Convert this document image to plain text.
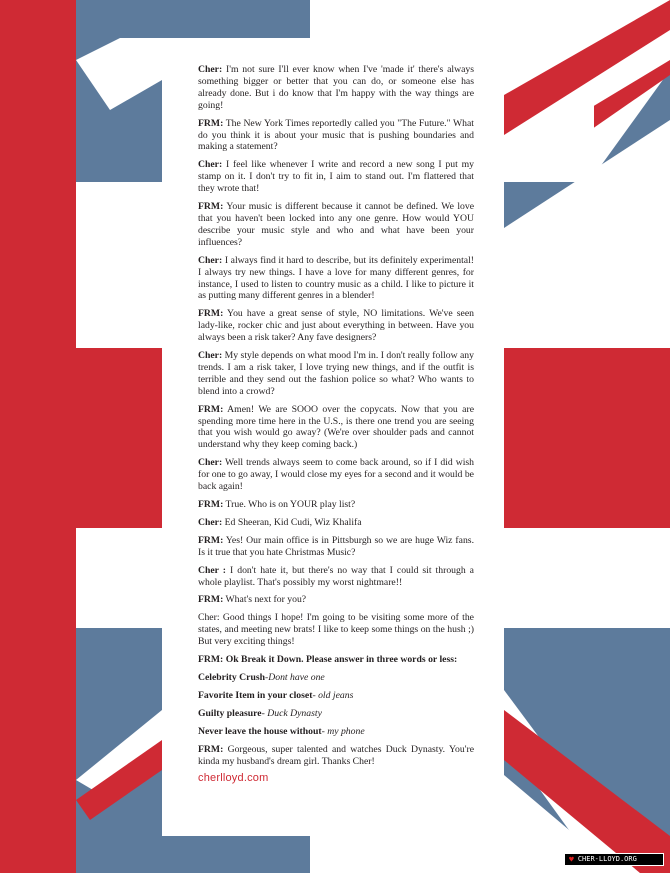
Cher: I'm not sure I'll ever know when I've 'made it' there's always something bigger or better that you can do, or someone else has already done. But i do know that I'm happy with the way things are going!

FRM: The New York Times reportedly called you "The Future." What do you think it is about your music that is pushing boundaries and making a statement?

Cher: I feel like whenever I write and record a new song I put my stamp on it. I don't try to fit in, I aim to stand out. I'm flattered that they wrote that!

FRM: Your music is different because it cannot be defined. We love that you haven't been locked into any one genre. How would YOU describe your music style and who and what have been your influences?

Cher: I always find it hard to describe, but its definitely experimental! I always try new things. I have a love for many different genres, for instance, I used to listen to country music as a child. I like to picture it as putting many different genres in a blender!

FRM: You have a great sense of style, NO limitations. We've seen lady-like, rocker chic and just about everything in between. Have you always been a risk taker? Any fave designers?

Cher: My style depends on what mood I'm in. I don't really follow any trends. I am a risk taker, I love trying new things, and if the outfit is terrible and they send out the fashion police so what? Who wants to blend into a crowd?

FRM: Amen! We are SOOO over the copycats. Now that you are spending more time here in the U.S., is there one trend you are seeing that you wish would go away? (We're over shoulder pads and cannot understand why they keep coming back.)

Cher: Well trends always seem to come back around, so if I did wish for one to go away, I would close my eyes for a second and it would be back again!

FRM: True. Who is on YOUR play list?

Cher: Ed Sheeran, Kid Cudi, Wiz Khalifa

FRM: Yes! Our main office is in Pittsburgh so we are huge Wiz fans. Is it true that you hate Christmas Music?

Cher : I don't hate it, but there's no way that I could sit through a whole playlist. That's possibly my worst nightmare!!

FRM: What's next for you?

Cher: Good things I hope! I'm going to be visiting some more of the states, and meeting new brats! I like to keep some things on the hush ;) But very exciting things!

FRM: Ok Break it Down. Please answer in three words or less:

Celebrity Crush-Dont have one

Favorite Item in your closet- old jeans

Guilty pleasure- Duck Dynasty

Never leave the house without- my phone

FRM: Gorgeous, super talented and watches Duck Dynasty. You're kinda my husband's dream girl. Thanks Cher!

cherlloyd.com
♥ CHER-LLOYD.ORG
